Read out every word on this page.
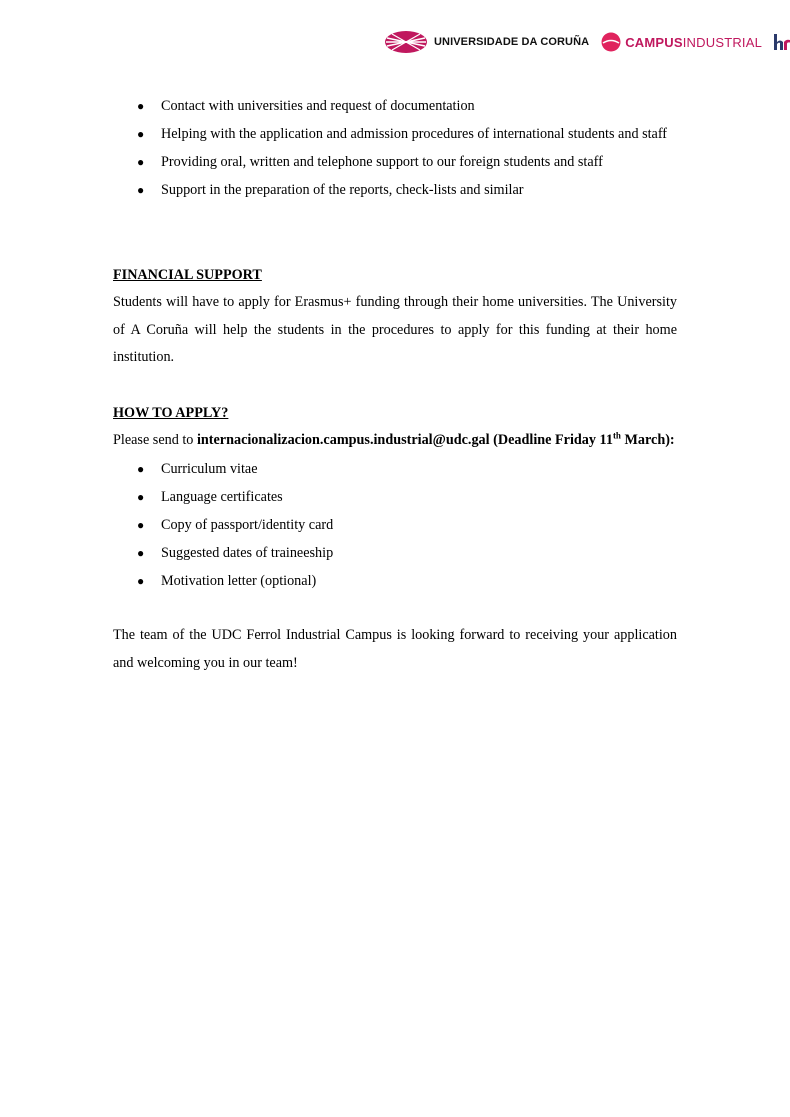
UNIVERSIDADE DA CORUÑA	CAMPUSINDUSTRIAL
● Contact with universities and request of documentation
● Helping with the application and admission procedures of international students and staff
● Providing oral, written and telephone support to our foreign students and staff
● Support in the preparation of the reports, check-lists and similar

FINANCIAL SUPPORT

Students will have to apply for Erasmus+ funding through their home universities. The University of A Coruña will help the students in the procedures to apply for this funding at their home institution.

HOW TO APPLY?

Please send to internacionalizacion.campus.industrial@udc.gal (Deadline Friday 11th March):

● Curriculum vitae
● Language certificates
● Copy of passport/identity card
● Suggested dates of traineeship
● Motivation letter (optional)

The team of the UDC Ferrol Industrial Campus is looking forward to receiving your application and welcoming you in our team!
